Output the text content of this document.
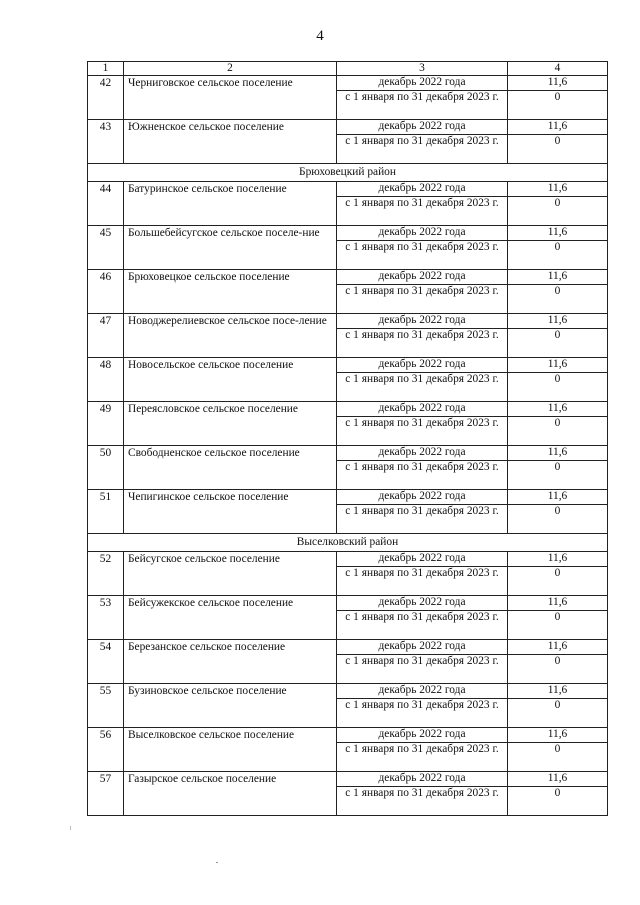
4
1	2	3	4
42	Черниговское сельское поселение	декабрь 2022 года	11,6
		с 1 января по 31 декабря 2023 г.	0
43	Южненское сельское поселение	декабрь 2022 года	11,6
		с 1 января по 31 декабря 2023 г.	0
Брюховецкий район			
44	Батуринское сельское поселение	декабрь 2022 года	11,6
		с 1 января по 31 декабря 2023 г.	0
45	Большебейсугское сельское поселе-ние	декабрь 2022 года	11,6
		с 1 января по 31 декабря 2023 г.	0
46	Брюховецкое сельское поселение	декабрь 2022 года	11,6
		с 1 января по 31 декабря 2023 г.	0
47	Новоджерелиевское сельское посе-ление	декабрь 2022 года	11,6
		с 1 января по 31 декабря 2023 г.	0
48	Новосельское сельское поселение	декабрь 2022 года	11,6
		с 1 января по 31 декабря 2023 г.	0
49	Переясловское сельское поселение	декабрь 2022 года	11,6
		с 1 января по 31 декабря 2023 г.	0
50	Свободненское сельское поселение	декабрь 2022 года	11,6
		с 1 января по 31 декабря 2023 г.	0
51	Чепигинское сельское поселение	декабрь 2022 года	11,6
		с 1 января по 31 декабря 2023 г.	0
Выселковский район			
52	Бейсугское сельское поселение	декабрь 2022 года	11,6
		с 1 января по 31 декабря 2023 г.	0
53	Бейсужекское сельское поселение	декабрь 2022 года	11,6
		с 1 января по 31 декабря 2023 г.	0
54	Березанское сельское поселение	декабрь 2022 года	11,6
		с 1 января по 31 декабря 2023 г.	0
55	Бузиновское сельское поселение	декабрь 2022 года	11,6
		с 1 января по 31 декабря 2023 г.	0
56	Выселковское сельское поселение	декабрь 2022 года	11,6
		с 1 января по 31 декабря 2023 г.	0
57	Газырское сельское поселение	декабрь 2022 года	11,6
		с 1 января по 31 декабря 2023 г.	0
